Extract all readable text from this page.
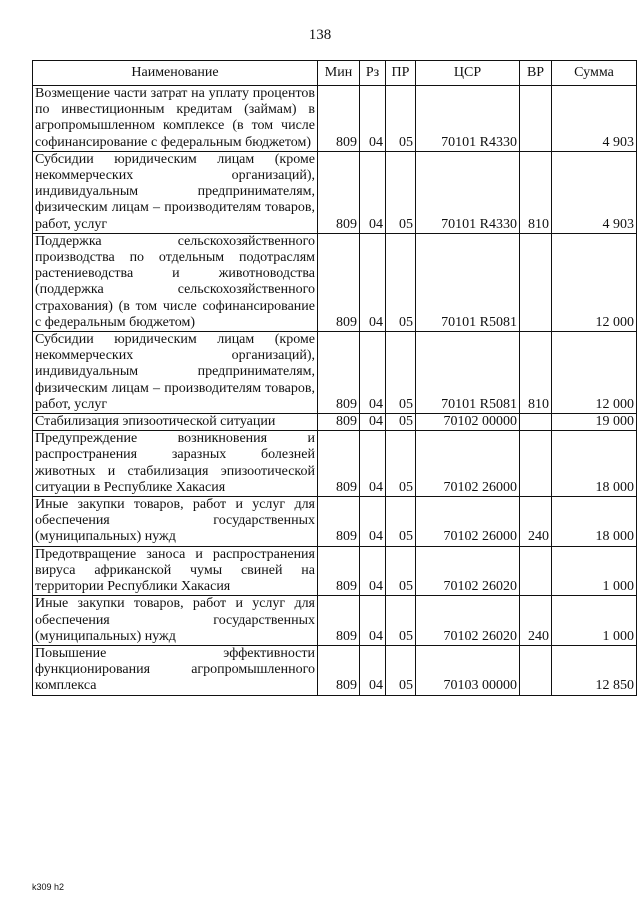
138
Наименование	Мин	Рз	ПР	ЦСР	ВР	Сумма
Возмещение части затрат на уплату процентов по инвестиционным кредитам (займам) в агропромышленном комплексе (в том числе софинансирование с федеральным бюджетом)	809	04	05	70101 R4330		4 903
Субсидии юридическим лицам (кроме некоммерческих организаций), индивидуальным предпринимателям, физическим лицам – производителям товаров, работ, услуг	809	04	05	70101 R4330	810	4 903
Поддержка сельскохозяйственного производства по отдельным подотраслям растениеводства и животноводства (поддержка сельскохозяйственного страхования) (в том числе софинансирование с федеральным бюджетом)	809	04	05	70101 R5081		12 000
Субсидии юридическим лицам (кроме некоммерческих организаций), индивидуальным предпринимателям, физическим лицам – производителям товаров, работ, услуг	809	04	05	70101 R5081	810	12 000
Стабилизация эпизоотической ситуации	809	04	05	70102 00000		19 000
Предупреждение возникновения и распространения заразных болезней животных и стабилизация эпизоотической ситуации в Республике Хакасия	809	04	05	70102 26000		18 000
Иные закупки товаров, работ и услуг для обеспечения государственных (муниципальных) нужд	809	04	05	70102 26000	240	18 000
Предотвращение заноса и распространения вируса африканской чумы свиней на территории Республики Хакасия	809	04	05	70102 26020		1 000
Иные закупки товаров, работ и услуг для обеспечения государственных (муниципальных) нужд	809	04	05	70102 26020	240	1 000
Повышение эффективности функционирования агропромышленного комплекса	809	04	05	70103 00000		12 850
k309 h2
